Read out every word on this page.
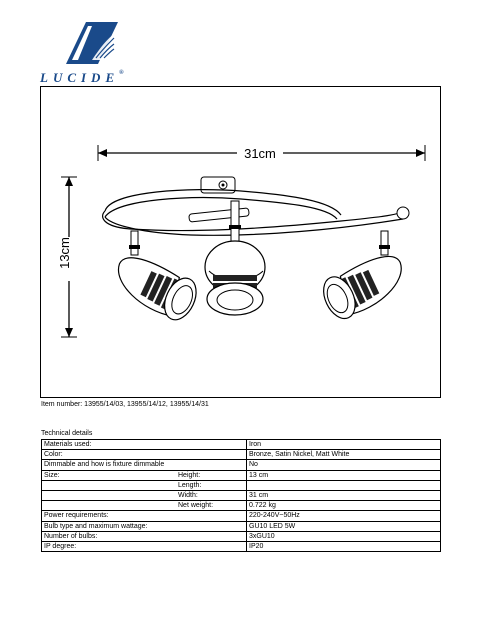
LUCIDE®
31cm
13cm
Item number: 13955/14/03, 13955/14/12, 13955/14/31
Technical details
Materials used:	Iron
Color:	Bronze, Satin Nickel, Matt White
Dimmable and how is fixture dimmable	No
Size: Height:	13 cm

Length:	

Width:	31 cm

Net weight:	0.722 kg
Power requirements:	220-240V~50Hz
Bulb type and maximum wattage:	GU10 LED 5W
Number of bulbs:	3xGU10
IP degree:	IP20
